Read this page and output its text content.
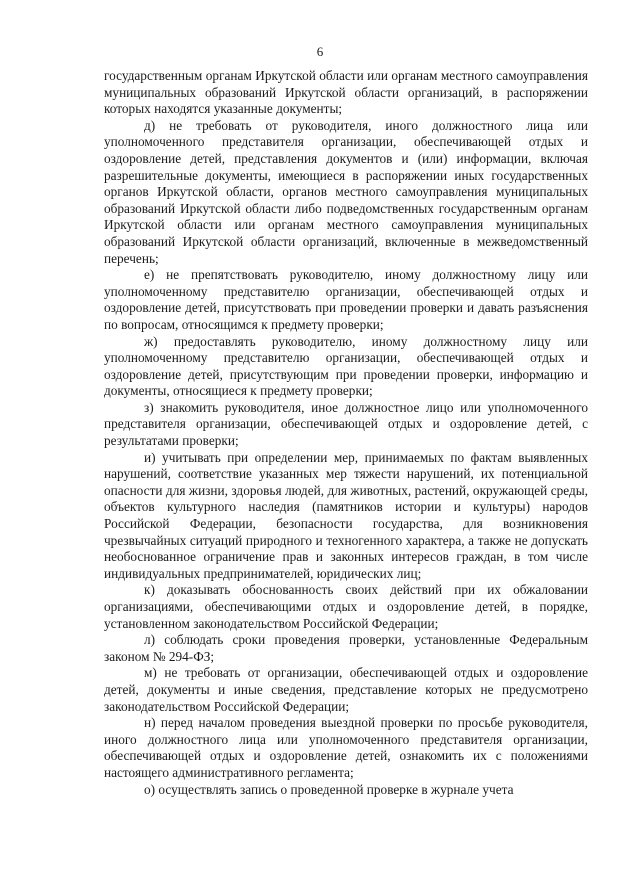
6

государственным органам Иркутской области или органам местного самоуправления муниципальных образований Иркутской области организаций, в распоряжении которых находятся указанные документы;

д) не требовать от руководителя, иного должностного лица или уполномоченного представителя организации, обеспечивающей отдых и оздоровление детей, представления документов и (или) информации, включая разрешительные документы, имеющиеся в распоряжении иных государственных органов Иркутской области, органов местного самоуправления муниципальных образований Иркутской области либо подведомственных государственным органам Иркутской области или органам местного самоуправления муниципальных образований Иркутской области организаций, включенные в межведомственный перечень;

е) не препятствовать руководителю, иному должностному лицу или уполномоченному представителю организации, обеспечивающей отдых и оздоровление детей, присутствовать при проведении проверки и давать разъяснения по вопросам, относящимся к предмету проверки;

ж) предоставлять руководителю, иному должностному лицу или уполномоченному представителю организации, обеспечивающей отдых и оздоровление детей, присутствующим при проведении проверки, информацию и документы, относящиеся к предмету проверки;

з) знакомить руководителя, иное должностное лицо или уполномоченного представителя организации, обеспечивающей отдых и оздоровление детей, с результатами проверки;

и) учитывать при определении мер, принимаемых по фактам выявленных нарушений, соответствие указанных мер тяжести нарушений, их потенциальной опасности для жизни, здоровья людей, для животных, растений, окружающей среды, объектов культурного наследия (памятников истории и культуры) народов Российской Федерации, безопасности государства, для возникновения чрезвычайных ситуаций природного и техногенного характера, а также не допускать необоснованное ограничение прав и законных интересов граждан, в том числе индивидуальных предпринимателей, юридических лиц;

к) доказывать обоснованность своих действий при их обжаловании организациями, обеспечивающими отдых и оздоровление детей, в порядке, установленном законодательством Российской Федерации;

л) соблюдать сроки проведения проверки, установленные Федеральным законом № 294-ФЗ;

м) не требовать от организации, обеспечивающей отдых и оздоровление детей, документы и иные сведения, представление которых не предусмотрено законодательством Российской Федерации;

н) перед началом проведения выездной проверки по просьбе руководителя, иного должностного лица или уполномоченного представителя организации, обеспечивающей отдых и оздоровление детей, ознакомить их с положениями настоящего административного регламента;

о) осуществлять запись о проведенной проверке в журнале учета
